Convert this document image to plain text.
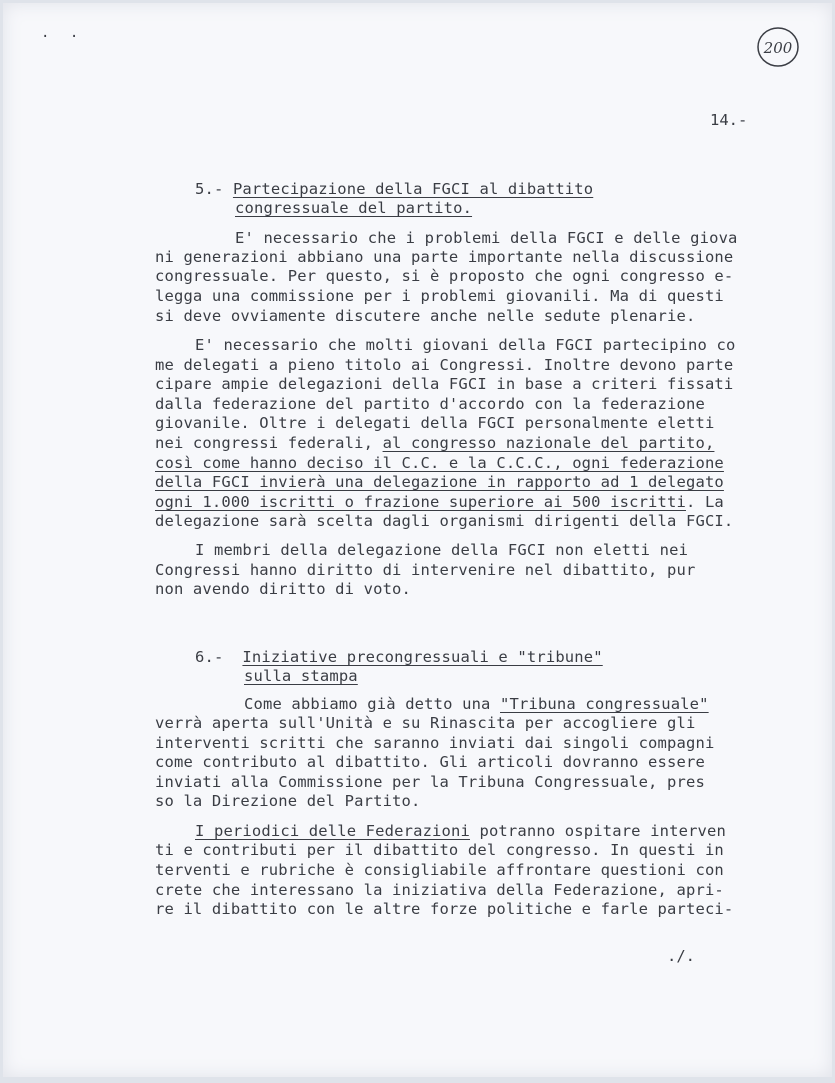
. .
200
14.-
5.- Partecipazione della FGCI al dibattito
congressuale del partito.
E' necessario che i problemi della FGCI e delle giova
ni generazioni abbiano una parte importante nella discussione
congressuale. Per questo, si è proposto che ogni congresso e-
legga una commissione per i problemi giovanili. Ma di questi
si deve ovviamente discutere anche nelle sedute plenarie.
E' necessario che molti giovani della FGCI partecipino co
me delegati a pieno titolo ai Congressi. Inoltre devono parte
cipare ampie delegazioni della FGCI in base a criteri fissati
dalla federazione del partito d'accordo con la federazione
giovanile. Oltre i delegati della FGCI personalmente eletti
nei congressi federali, al congresso nazionale del partito,
così come hanno deciso il C.C. e la C.C.C., ogni federazione
della FGCI invierà una delegazione in rapporto ad 1 delegato
ogni 1.000 iscritti o frazione superiore ai 500 iscritti. La
delegazione sarà scelta dagli organismi dirigenti della FGCI.
I membri della delegazione della FGCI non eletti nei
Congressi hanno diritto di intervenire nel dibattito, pur
non avendo diritto di voto.
6.- Iniziative precongressuali e "tribune"
sulla stampa
Come abbiamo già detto una "Tribuna congressuale"
verrà aperta sull'Unità e su Rinascita per accogliere gli
interventi scritti che saranno inviati dai singoli compagni
come contributo al dibattito. Gli articoli dovranno essere
inviati alla Commissione per la Tribuna Congressuale, pres
so la Direzione del Partito.
I periodici delle Federazioni potranno ospitare interven
ti e contributi per il dibattito del congresso. In questi in
terventi e rubriche è consigliabile affrontare questioni con
crete che interessano la iniziativa della Federazione, apri-
re il dibattito con le altre forze politiche e farle parteci-
./.
